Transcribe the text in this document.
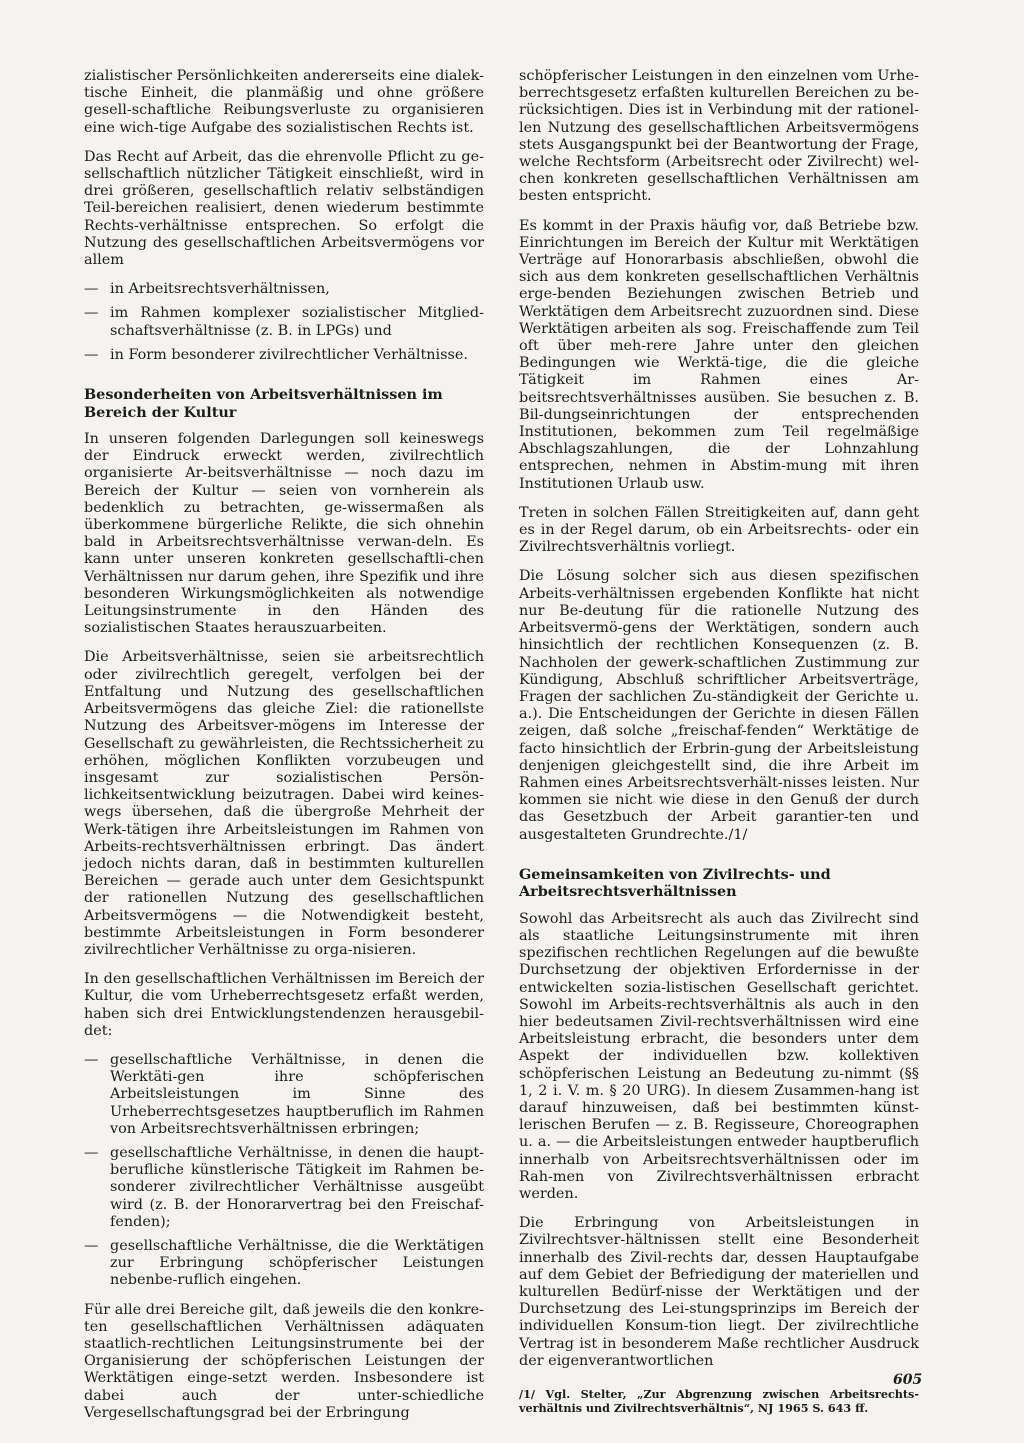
zialistischer Persönlichkeiten andererseits eine dialek-tische Einheit, die planmäßig und ohne größere gesell-schaftliche Reibungsverluste zu organisieren eine wich-tige Aufgabe des sozialistischen Rechts ist.

Das Recht auf Arbeit, das die ehrenvolle Pflicht zu ge-sellschaftlich nützlicher Tätigkeit einschließt, wird in drei größeren, gesellschaftlich relativ selbständigen Teil-bereichen realisiert, denen wiederum bestimmte Rechts-verhältnisse entsprechen. So erfolgt die Nutzung des gesellschaftlichen Arbeitsvermögens vor allem

— in Arbeitsrechtsverhältnissen,
— im Rahmen komplexer sozialistischer Mitglied-schaftsverhältnisse (z. B. in LPGs) und
— in Form besonderer zivilrechtlicher Verhältnisse.
Besonderheiten von Arbeitsverhältnissen im Bereich der Kultur

In unseren folgenden Darlegungen soll keineswegs der Eindruck erweckt werden, zivilrechtlich organisierte Ar-beitsverhältnisse — noch dazu im Bereich der Kultur — seien von vornherein als bedenklich zu betrachten, ge-wissermaßen als überkommene bürgerliche Relikte, die sich ohnehin bald in Arbeitsrechtsverhältnisse verwan-deln. Es kann unter unseren konkreten gesellschaftli-chen Verhältnissen nur darum gehen, ihre Spezifik und ihre besonderen Wirkungsmöglichkeiten als notwendige Leitungsinstrumente in den Händen des sozialistischen Staates herauszuarbeiten.

Die Arbeitsverhältnisse, seien sie arbeitsrechtlich oder zivilrechtlich geregelt, verfolgen bei der Entfaltung und Nutzung des gesellschaftlichen Arbeitsvermögens das gleiche Ziel: die rationellste Nutzung des Arbeitsver-mögens im Interesse der Gesellschaft zu gewährleisten, die Rechtssicherheit zu erhöhen, möglichen Konflikten vorzubeugen und insgesamt zur sozialistischen Persön-lichkeitsentwicklung beizutragen. Dabei wird keines-wegs übersehen, daß die übergroße Mehrheit der Werk-tätigen ihre Arbeitsleistungen im Rahmen von Arbeits-rechtsverhältnissen erbringt. Das ändert jedoch nichts daran, daß in bestimmten kulturellen Bereichen — gerade auch unter dem Gesichtspunkt der rationellen Nutzung des gesellschaftlichen Arbeitsvermögens — die Notwendigkeit besteht, bestimmte Arbeitsleistungen in Form besonderer zivilrechtlicher Verhältnisse zu orga-nisieren.

In den gesellschaftlichen Verhältnissen im Bereich der Kultur, die vom Urheberrechtsgesetz erfaßt werden, haben sich drei Entwicklungstendenzen herausgebil-det:

— gesellschaftliche Verhältnisse, in denen die Werktäti-gen ihre schöpferischen Arbeitsleistungen im Sinne des Urheberrechtsgesetzes hauptberuflich im Rahmen von Arbeitsrechtsverhältnissen erbringen;
— gesellschaftliche Verhältnisse, in denen die haupt-berufliche künstlerische Tätigkeit im Rahmen be-sonderer zivilrechtlicher Verhältnisse ausgeübt wird (z. B. der Honorarvertrag bei den Freischaf-fenden);
— gesellschaftliche Verhältnisse, die die Werktätigen zur Erbringung schöpferischer Leistungen nebenbe-ruflich eingehen.

Für alle drei Bereiche gilt, daß jeweils die den konkre-ten gesellschaftlichen Verhältnissen adäquaten staatlich-rechtlichen Leitungsinstrumente bei der Organisierung der schöpferischen Leistungen der Werktätigen einge-setzt werden. Insbesondere ist dabei auch der unter-schiedliche Vergesellschaftungsgrad bei der Erbringung

schöpferischer Leistungen in den einzelnen vom Urhe-berrechtsgesetz erfaßten kulturellen Bereichen zu be-rücksichtigen. Dies ist in Verbindung mit der rationel-len Nutzung des gesellschaftlichen Arbeitsvermögens stets Ausgangspunkt bei der Beantwortung der Frage, welche Rechtsform (Arbeitsrecht oder Zivilrecht) wel-chen konkreten gesellschaftlichen Verhältnissen am besten entspricht.

Es kommt in der Praxis häufig vor, daß Betriebe bzw. Einrichtungen im Bereich der Kultur mit Werktätigen Verträge auf Honorarbasis abschließen, obwohl die sich aus dem konkreten gesellschaftlichen Verhältnis erge-benden Beziehungen zwischen Betrieb und Werktätigen dem Arbeitsrecht zuzuordnen sind. Diese Werktätigen arbeiten als sog. Freischaffende zum Teil oft über meh-rere Jahre unter den gleichen Bedingungen wie Werktä-tige, die die gleiche Tätigkeit im Rahmen eines Ar-beitsrechtsverhältnisses ausüben. Sie besuchen z. B. Bil-dungseinrichtungen der entsprechenden Institutionen, bekommen zum Teil regelmäßige Abschlagszahlungen, die der Lohnzahlung entsprechen, nehmen in Abstim-mung mit ihren Institutionen Urlaub usw.

Treten in solchen Fällen Streitigkeiten auf, dann geht es in der Regel darum, ob ein Arbeitsrechts- oder ein Zivilrechtsverhältnis vorliegt.

Die Lösung solcher sich aus diesen spezifischen Arbeits-verhältnissen ergebenden Konflikte hat nicht nur Be-deutung für die rationelle Nutzung des Arbeitsvermö-gens der Werktätigen, sondern auch hinsichtlich der rechtlichen Konsequenzen (z. B. Nachholen der gewerk-schaftlichen Zustimmung zur Kündigung, Abschluß schriftlicher Arbeitsverträge, Fragen der sachlichen Zu-ständigkeit der Gerichte u. a.). Die Entscheidungen der Gerichte in diesen Fällen zeigen, daß solche „freischaf-fenden“ Werktätige de facto hinsichtlich der Erbrin-gung der Arbeitsleistung denjenigen gleichgestellt sind, die ihre Arbeit im Rahmen eines Arbeitsrechtsverhält-nisses leisten. Nur kommen sie nicht wie diese in den Genuß der durch das Gesetzbuch der Arbeit garantier-ten und ausgestalteten Grundrechte./1/

Gemeinsamkeiten von Zivilrechts- und Arbeitsrechtsverhältnissen

Sowohl das Arbeitsrecht als auch das Zivilrecht sind als staatliche Leitungsinstrumente mit ihren spezifischen rechtlichen Regelungen auf die bewußte Durchsetzung der objektiven Erfordernisse in der entwickelten sozia-listischen Gesellschaft gerichtet. Sowohl im Arbeits-rechtsverhältnis als auch in den hier bedeutsamen Zivil-rechtsverhältnissen wird eine Arbeitsleistung erbracht, die besonders unter dem Aspekt der individuellen bzw. kollektiven schöpferischen Leistung an Bedeutung zu-nimmt (§§ 1, 2 i. V. m. § 20 URG). In diesem Zusammen-hang ist darauf hinzuweisen, daß bei bestimmten künst-lerischen Berufen — z. B. Regisseure, Choreographen u. a. — die Arbeitsleistungen entweder hauptberuflich innerhalb von Arbeitsrechtsverhältnissen oder im Rah-men von Zivilrechtsverhältnissen erbracht werden.

Die Erbringung von Arbeitsleistungen in Zivilrechtsver-hältnissen stellt eine Besonderheit innerhalb des Zivil-rechts dar, dessen Hauptaufgabe auf dem Gebiet der Befriedigung der materiellen und kulturellen Bedürf-nisse der Werktätigen und der Durchsetzung des Lei-stungsprinzips im Bereich der individuellen Konsum-tion liegt. Der zivilrechtliche Vertrag ist in besonderem Maße rechtlicher Ausdruck der eigenverantwortlichen

/1/ Vgl. Stelter, „Zur Abgrenzung zwischen Arbeitsrechts-verhältnis und Zivilrechtsverhältnis“, NJ 1965 S. 643 ff.
605
